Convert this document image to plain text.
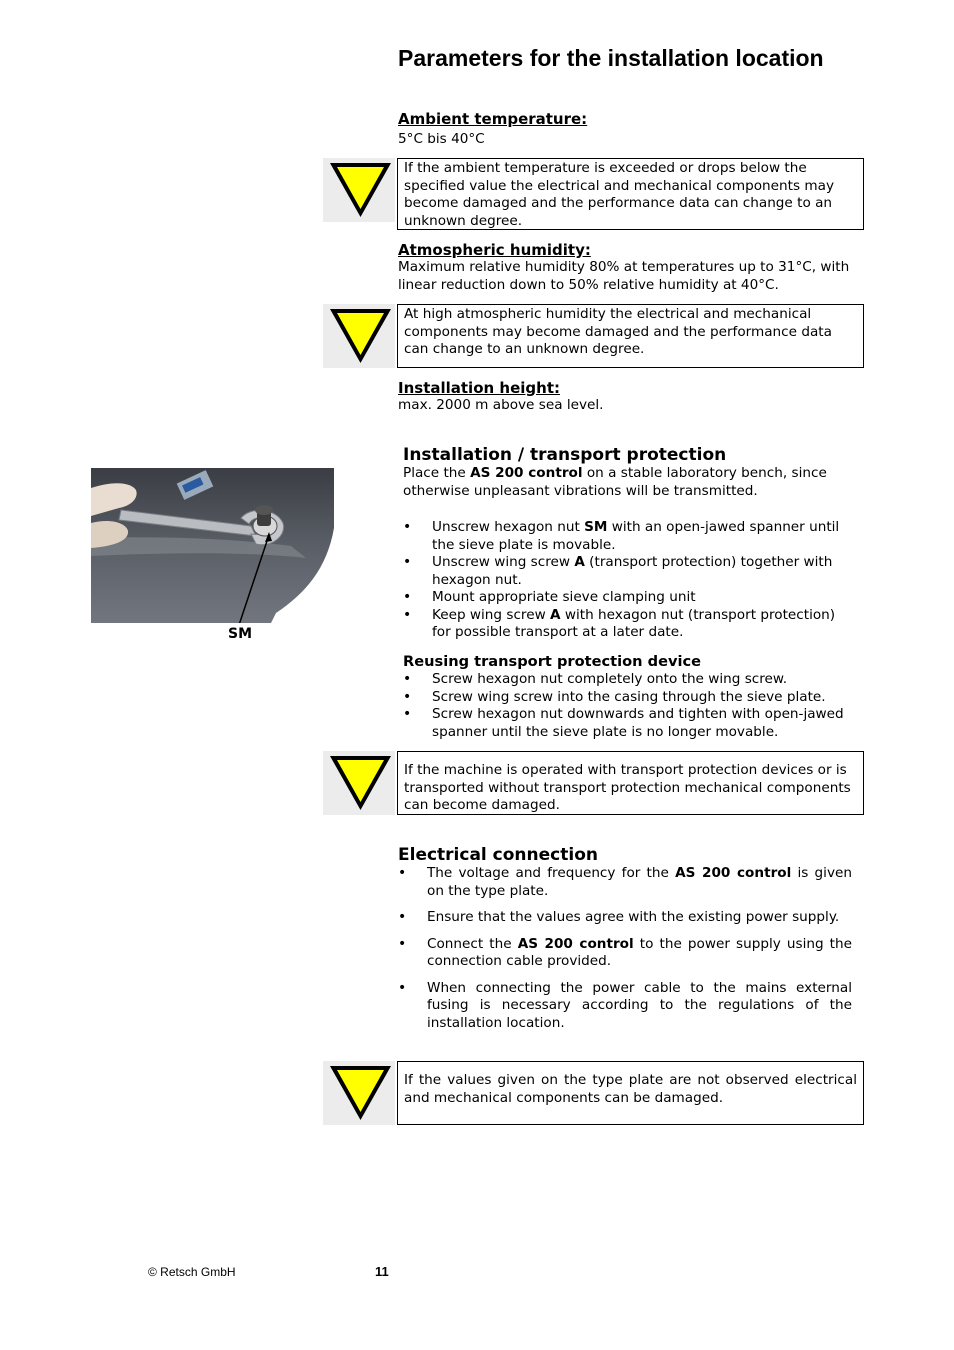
Parameters for the installation location
Ambient temperature:
5°C bis 40°C
If the ambient temperature is exceeded or drops below the specified value the electrical and mechanical components may become damaged and the performance data can change to an unknown degree.
Atmospheric humidity:
Maximum relative humidity 80% at temperatures up to 31°C, with linear reduction down to 50% relative humidity at 40°C.
At high atmospheric humidity the electrical and mechanical components may become damaged and the performance data can change to an unknown degree.
Installation height:
max. 2000 m above sea level.
Installation / transport protection
Place the AS 200 control on a stable laboratory bench, since otherwise unpleasant vibrations will be transmitted.
SM
• Unscrew hexagon nut SM with an open-jawed spanner until the sieve plate is movable.
• Unscrew wing screw A (transport protection) together with hexagon nut.
• Mount appropriate sieve clamping unit
• Keep wing screw A with hexagon nut (transport protection) for possible transport at a later date.
Reusing transport protection device
• Screw hexagon nut completely onto the wing screw.
• Screw wing screw into the casing through the sieve plate.
• Screw hexagon nut downwards and tighten with open-jawed spanner until the sieve plate is no longer movable.
If the machine is operated with transport protection devices or is transported without transport protection mechanical components can become damaged.
Electrical connection
• The voltage and frequency for the AS 200 control is given on the type plate.
• Ensure that the values agree with the existing power supply.
• Connect the AS 200 control to the power supply using the connection cable provided.
• When connecting the power cable to the mains external fusing is necessary according to the regulations of the installation location.
If the values given on the type plate are not observed electrical and mechanical components can be damaged.
© Retsch GmbH	11
